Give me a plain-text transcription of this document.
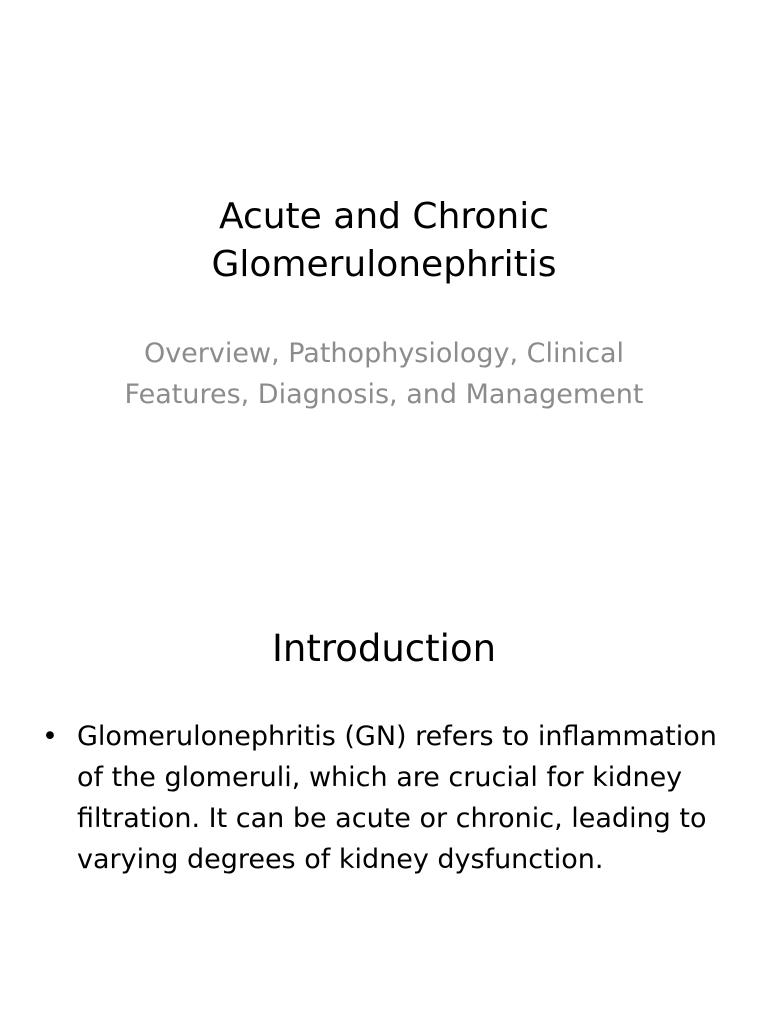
Acute and Chronic Glomerulonephritis

Overview, Pathophysiology, Clinical Features, Diagnosis, and Management

Introduction
• Glomerulonephritis (GN) refers to inflammation of the glomeruli, which are crucial for kidney filtration. It can be acute or chronic, leading to varying degrees of kidney dysfunction.
